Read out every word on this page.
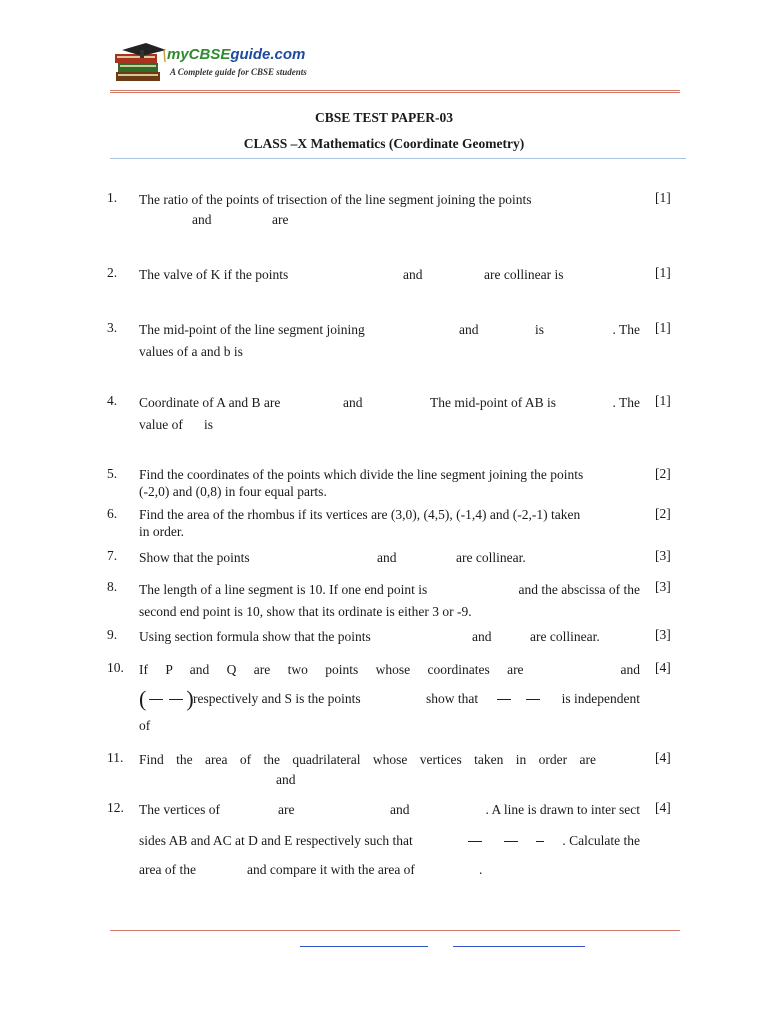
myCBSEguide.com
A Complete guide for CBSE students
CBSE TEST PAPER-03
CLASS –X Mathematics (Coordinate Geometry)
1. The ratio of the points of trisection of the line segment joining the points
and	are
[1]
2. The valve of K if the points	and	are collinear is	[1]
3. The mid-point of the line segment joining	and	is	. The
values of a and b is
[1]
4. Coordinate of A and B are	and	The mid-point of AB is	. The
value of is
[1]
5. Find the coordinates of the points which divide the line segment joining the points
(-2,0) and (0,8) in four equal parts.
[2]
6. Find the area of the rhombus if its vertices are (3,0), (4,5), (-1,4) and (-2,-1) taken
in order.
[2]
7. Show that the points	and	are collinear.	[3]
8. The length of a line segment is 10. If one end point is	and the abscissa of the
second end point is 10, show that its ordinate is either 3 or -9.
[3]
9. Using section formula show that the points	and	are collinear.	[3]
10. If P and Q are two points whose coordinates are	and
( ) respectively and S is the points	show that	is independent
of
[4]
11. Find the area of the quadrilateral whose vertices taken in order are
and
[4]
12. The vertices of	are	and	. A line is drawn to inter sect
sides AB and AC at D and E respectively such that	. Calculate the
area of the	and compare it with the area of	.
[4]
